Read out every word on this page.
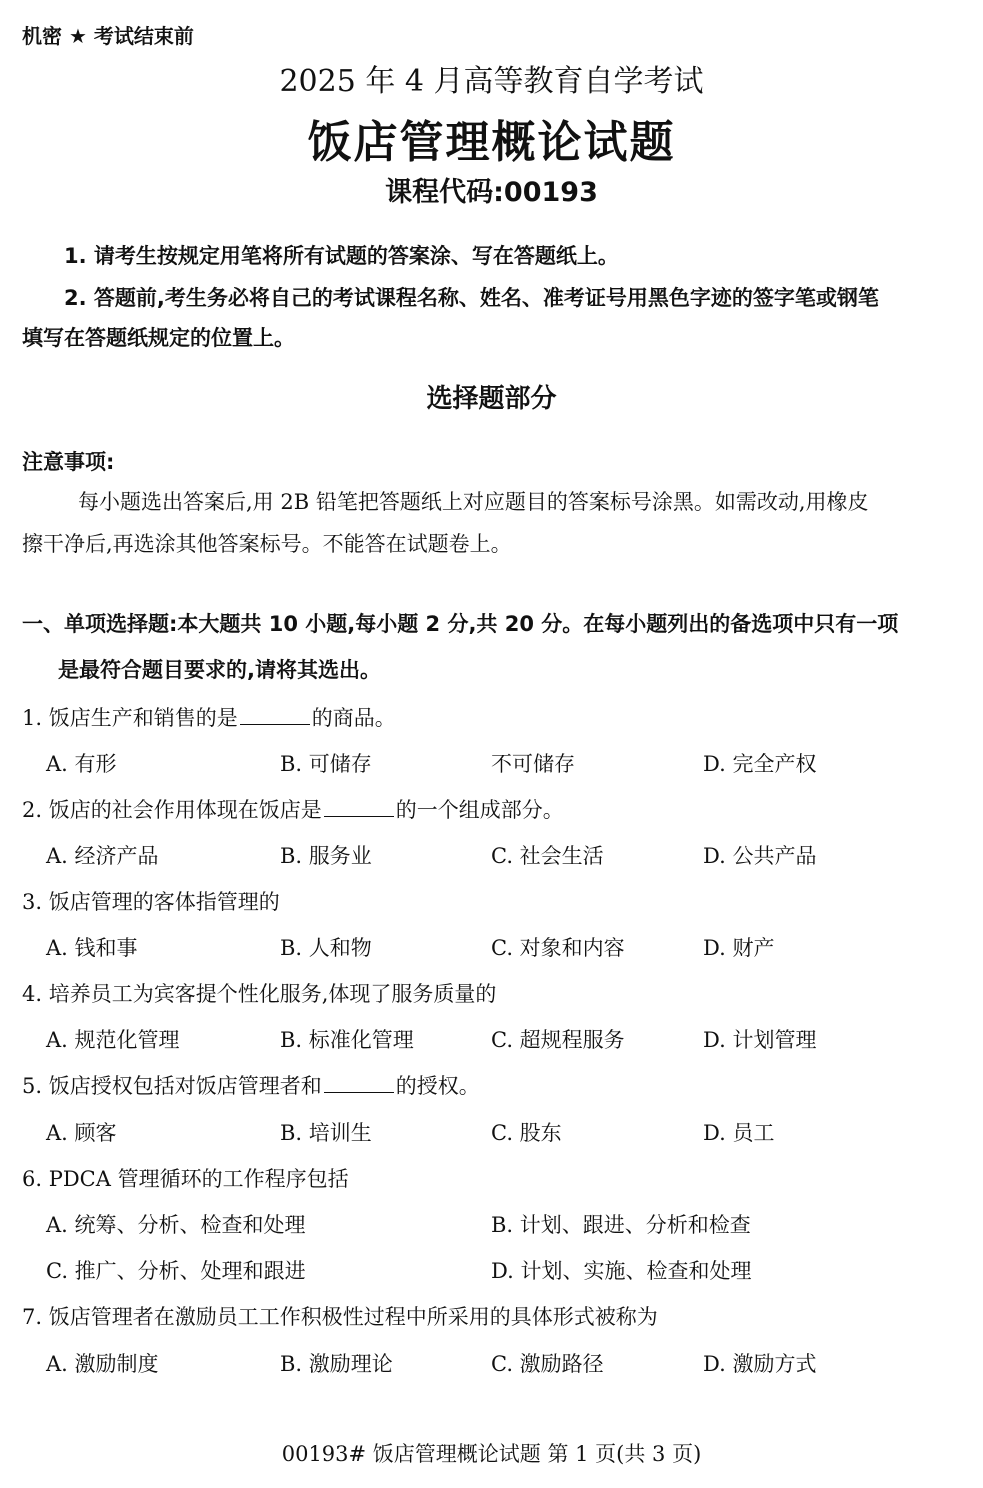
机密 ★ 考试结束前
2025 年 4 月高等教育自学考试
饭店管理概论试题
课程代码:00193
1. 请考生按规定用笔将所有试题的答案涂、写在答题纸上。
2. 答题前,考生务必将自己的考试课程名称、姓名、准考证号用黑色字迹的签字笔或钢笔
填写在答题纸规定的位置上。
选择题部分
注意事项:
每小题选出答案后,用 2B 铅笔把答题纸上对应题目的答案标号涂黑。如需改动,用橡皮
擦干净后,再选涂其他答案标号。不能答在试题卷上。
一、单项选择题:本大题共 10 小题,每小题 2 分,共 20 分。在每小题列出的备选项中只有一项
是最符合题目要求的,请将其选出。
1. 饭店生产和销售的是	的商品。
A. 有形	B. 可储存	不可储存	D. 完全产权
2. 饭店的社会作用体现在饭店是	的一个组成部分。
A. 经济产品	B. 服务业	C. 社会生活	D. 公共产品
3. 饭店管理的客体指管理的
A. 钱和事	B. 人和物	C. 对象和内容	D. 财产
4. 培养员工为宾客提个性化服务,体现了服务质量的
A. 规范化管理	B. 标准化管理	C. 超规程服务	D. 计划管理
5. 饭店授权包括对饭店管理者和	的授权。
A. 顾客	B. 培训生	C. 股东	D. 员工
6. PDCA 管理循环的工作程序包括
A. 统筹、分析、检查和处理	B. 计划、跟进、分析和检查
C. 推广、分析、处理和跟进	D. 计划、实施、检查和处理
7. 饭店管理者在激励员工工作积极性过程中所采用的具体形式被称为
A. 激励制度	B. 激励理论	C. 激励路径	D. 激励方式
00193# 饭店管理概论试题 第 1 页(共 3 页)
